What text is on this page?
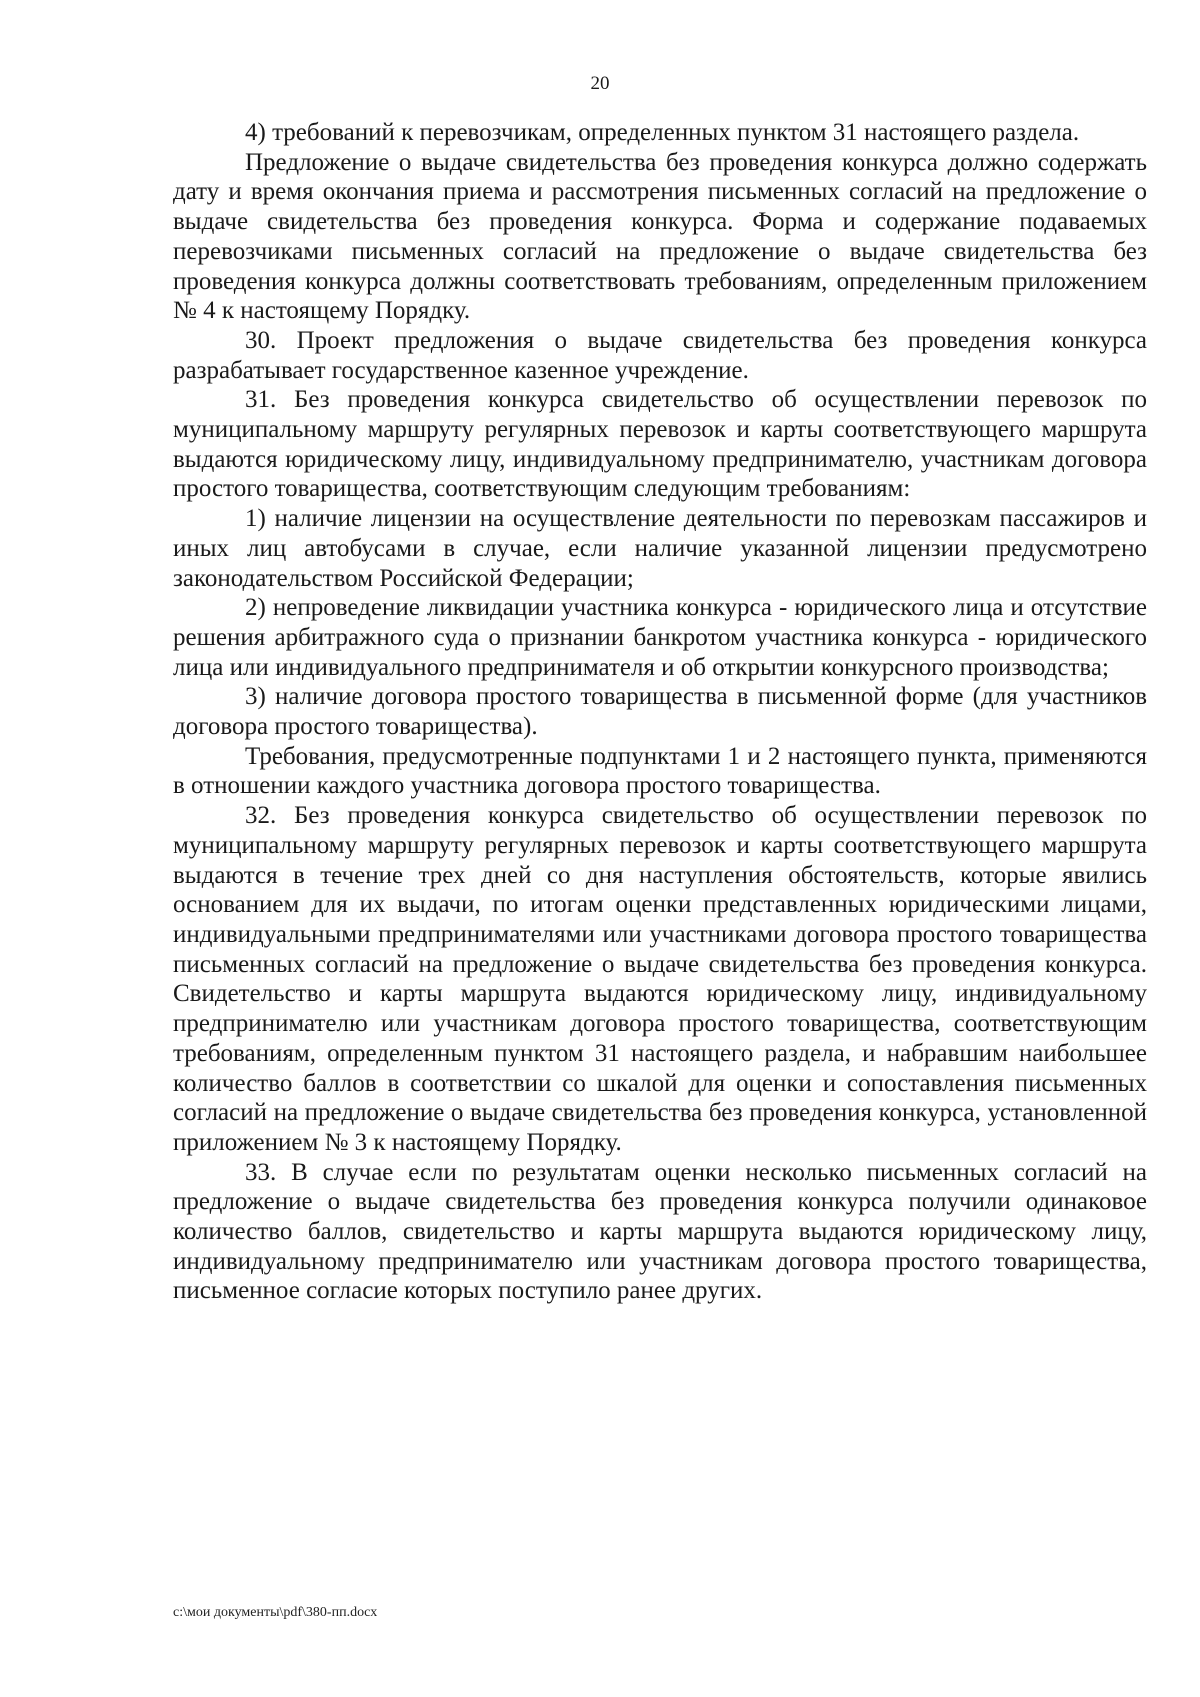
20

4) требований к перевозчикам, определенных пунктом 31 настоящего раздела.

Предложение о выдаче свидетельства без проведения конкурса должно содержать дату и время окончания приема и рассмотрения письменных согласий на предложение о выдаче свидетельства без проведения конкурса. Форма и содержание подаваемых перевозчиками письменных согласий на предложение о выдаче свидетельства без проведения конкурса должны соответствовать требованиям, определенным приложением № 4 к настоящему Порядку.

30. Проект предложения о выдаче свидетельства без проведения конкурса разрабатывает государственное казенное учреждение.

31. Без проведения конкурса свидетельство об осуществлении перевозок по муниципальному маршруту регулярных перевозок и карты соответствующего маршрута выдаются юридическому лицу, индивидуальному предпринимателю, участникам договора простого товарищества, соответствующим следующим требованиям:

1) наличие лицензии на осуществление деятельности по перевозкам пассажиров и иных лиц автобусами в случае, если наличие указанной лицензии предусмотрено законодательством Российской Федерации;

2) непроведение ликвидации участника конкурса - юридического лица и отсутствие решения арбитражного суда о признании банкротом участника конкурса - юридического лица или индивидуального предпринимателя и об открытии конкурсного производства;

3) наличие договора простого товарищества в письменной форме (для участников договора простого товарищества).

Требования, предусмотренные подпунктами 1 и 2 настоящего пункта, применяются в отношении каждого участника договора простого товарищества.

32. Без проведения конкурса свидетельство об осуществлении перевозок по муниципальному маршруту регулярных перевозок и карты соответствующего маршрута выдаются в течение трех дней со дня наступления обстоятельств, которые явились основанием для их выдачи, по итогам оценки представленных юридическими лицами, индивидуальными предпринимателями или участниками договора простого товарищества письменных согласий на предложение о выдаче свидетельства без проведения конкурса. Свидетельство и карты маршрута выдаются юридическому лицу, индивидуальному предпринимателю или участникам договора простого товарищества, соответствующим требованиям, определенным пунктом 31 настоящего раздела, и набравшим наибольшее количество баллов в соответствии со шкалой для оценки и сопоставления письменных согласий на предложение о выдаче свидетельства без проведения конкурса, установленной приложением № 3 к настоящему Порядку.

33. В случае если по результатам оценки несколько письменных согласий на предложение о выдаче свидетельства без проведения конкурса получили одинаковое количество баллов, свидетельство и карты маршрута выдаются юридическому лицу, индивидуальному предпринимателю или участникам договора простого товарищества, письменное согласие которых поступило ранее других.

c:\мои документы\pdf\380-пп.docx
